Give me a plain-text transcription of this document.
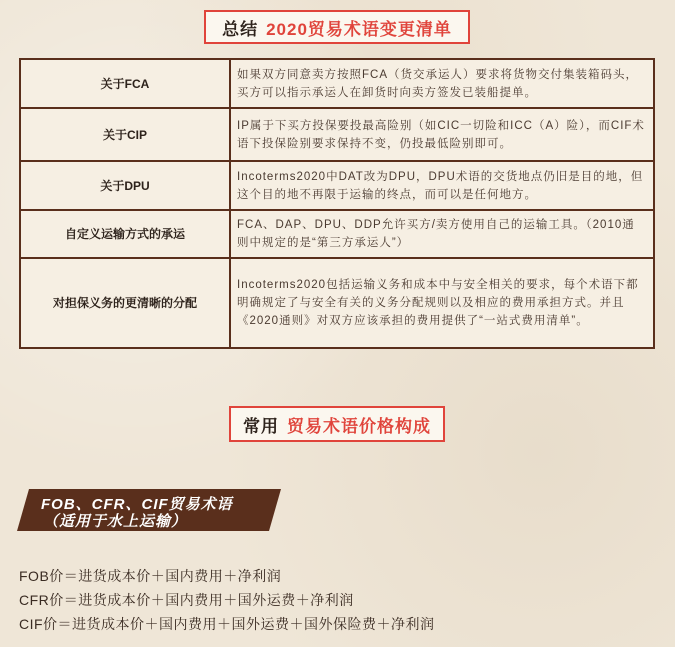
总结 2020贸易术语变更清单
关于FCA	如果双方同意卖方按照FCA（货交承运人）要求将货物交付集装箱码头，买方可以指示承运人在卸货时向卖方签发已装船提单。
关于CIP	IP属于下买方投保要投最高险别（如CIC一切险和ICC（A）险），而CIF术语下投保险别要求保持不变，仍投最低险别即可。
关于DPU	Incoterms2020中DAT改为DPU，DPU术语的交货地点仍旧是目的地，但这个目的地不再限于运输的终点，而可以是任何地方。
自定义运输方式的承运	FCA、DAP、DPU、DDP允许买方/卖方使用自己的运输工具。（2010通则中规定的是“第三方承运人”）
对担保义务的更清晰的分配	Incoterms2020包括运输义务和成本中与安全相关的要求，每个术语下都明确规定了与安全有关的义务分配规则以及相应的费用承担方式。并且《2020通则》对双方应该承担的费用提供了“一站式费用清单”。
常用 贸易术语价格构成
FOB、CFR、CIF贸易术语
（适用于水上运输）
FOB价＝进货成本价＋国内费用＋净利润
CFR价＝进货成本价＋国内费用＋国外运费＋净利润
CIF价＝进货成本价＋国内费用＋国外运费＋国外保险费＋净利润
